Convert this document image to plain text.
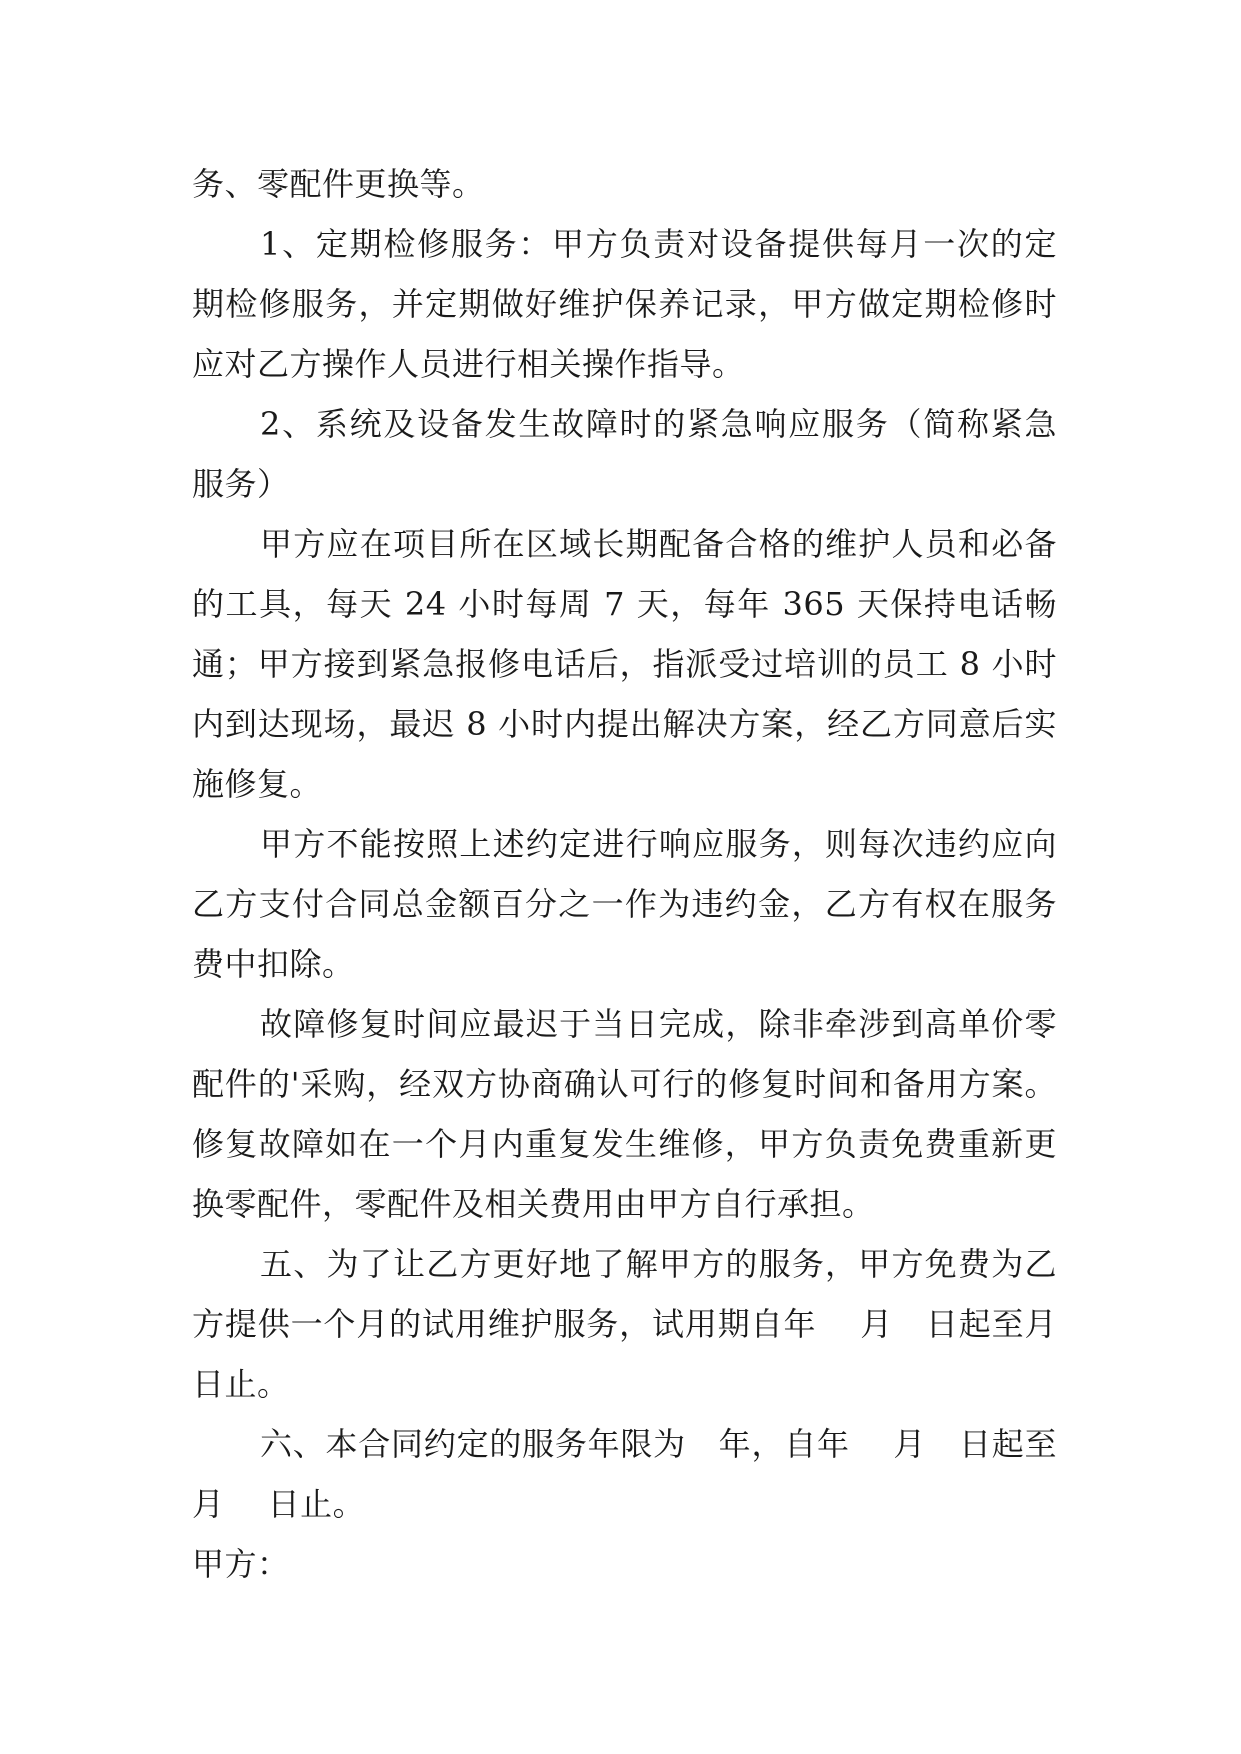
务、零配件更换等。

1、定期检修服务：甲方负责对设备提供每月一次的定期检修服务，并定期做好维护保养记录，甲方做定期检修时应对乙方操作人员进行相关操作指导。

2、系统及设备发生故障时的紧急响应服务（简称紧急服务）

甲方应在项目所在区域长期配备合格的维护人员和必备的工具，每天 24 小时每周 7 天，每年 365 天保持电话畅通；甲方接到紧急报修电话后，指派受过培训的员工 8 小时内到达现场，最迟 8 小时内提出解决方案，经乙方同意后实施修复。

甲方不能按照上述约定进行响应服务，则每次违约应向乙方支付合同总金额百分之一作为违约金，乙方有权在服务费中扣除。

故障修复时间应最迟于当日完成，除非牵涉到高单价零配件的'采购，经双方协商确认可行的修复时间和备用方案。修复故障如在一个月内重复发生维修，甲方负责免费重新更换零配件，零配件及相关费用由甲方自行承担。

五、为了让乙方更好地了解甲方的服务，甲方免费为乙方提供一个月的试用维护服务，试用期自年　 月　日起至月　 日止。

六、本合同约定的服务年限为　年，自年　 月　日起至月　 日止。

甲方：
